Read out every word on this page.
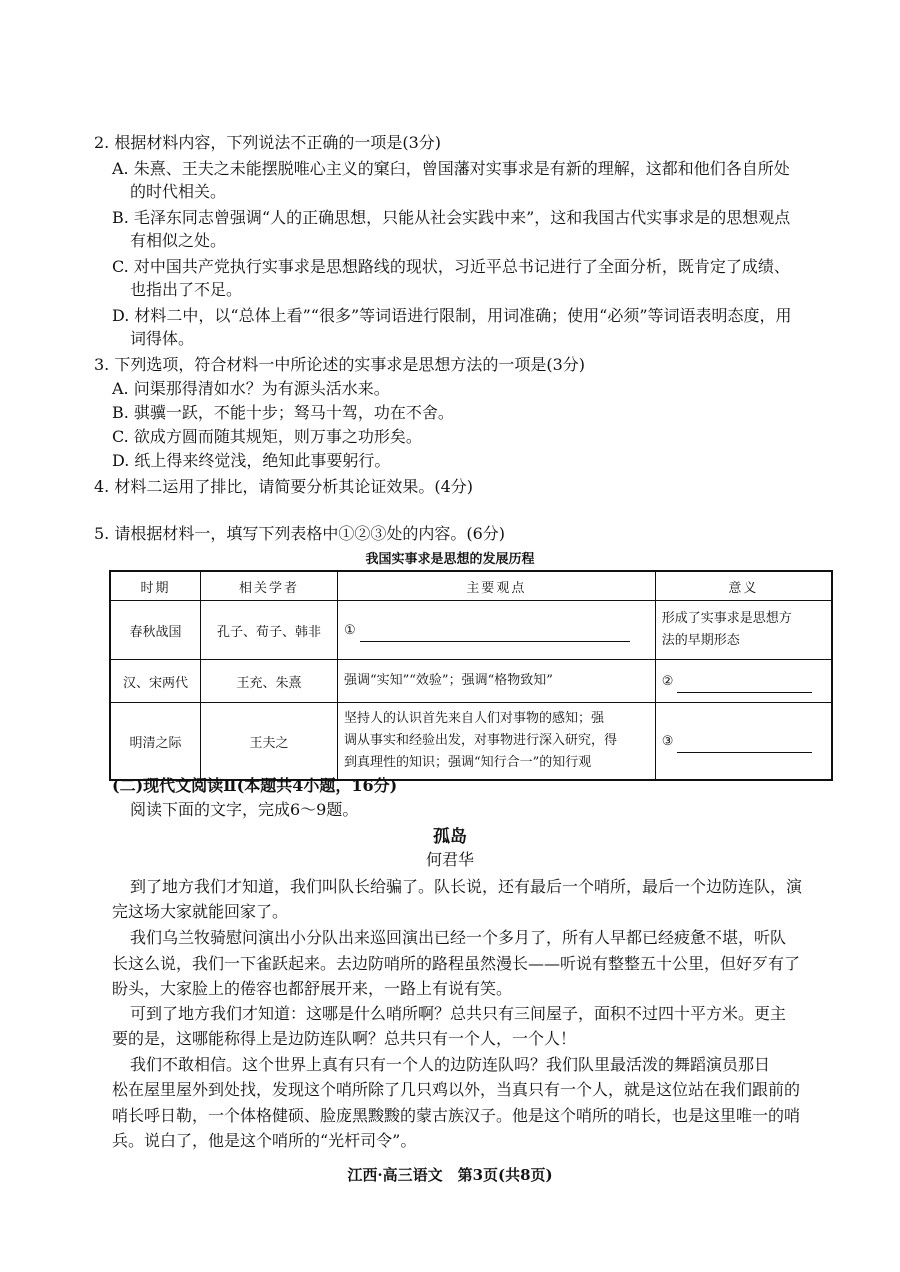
2. 根据材料内容，下列说法不正确的一项是(3分)
A. 朱熹、王夫之未能摆脱唯心主义的窠臼，曾国藩对实事求是有新的理解，这都和他们各自所处
的时代相关。
B. 毛泽东同志曾强调“人的正确思想，只能从社会实践中来”，这和我国古代实事求是的思想观点
有相似之处。
C. 对中国共产党执行实事求是思想路线的现状，习近平总书记进行了全面分析，既肯定了成绩、
也指出了不足。
D. 材料二中，以“总体上看”“很多”等词语进行限制，用词准确；使用“必须”等词语表明态度，用
词得体。
3. 下列选项，符合材料一中所论述的实事求是思想方法的一项是(3分)
A. 问渠那得清如水？为有源头活水来。
B. 骐骥一跃，不能十步；驽马十驾，功在不舍。
C. 欲成方圆而随其规矩，则万事之功形矣。
D. 纸上得来终觉浅，绝知此事要躬行。
4. 材料二运用了排比，请简要分析其论证效果。(4分)
5. 请根据材料一，填写下列表格中①②③处的内容。(6分)
我国实事求是思想的发展历程
时期	相关学者	主要观点	意义
春秋战国	孔子、荀子、韩非	①	形成了实事求是思想方
法的早期形态

汉、宋两代	王充、朱熹	强调“实知”“效验”；强调“格物致知”	②
明清之际	王夫之	坚持人的认识首先来自人们对事物的感知；强
调从事实和经验出发，对事物进行深入研究，得
到真理性的知识；强调“知行合一”的知行观	③
(二)现代文阅读Ⅱ(本题共4小题，16分)
阅读下面的文字，完成6～9题。
孤岛
何君华
到了地方我们才知道，我们叫队长给骗了。队长说，还有最后一个哨所，最后一个边防连队，演
完这场大家就能回家了。
我们乌兰牧骑慰问演出小分队出来巡回演出已经一个多月了，所有人早都已经疲惫不堪，听队
长这么说，我们一下雀跃起来。去边防哨所的路程虽然漫长——听说有整整五十公里，但好歹有了
盼头，大家脸上的倦容也都舒展开来，一路上有说有笑。
可到了地方我们才知道：这哪是什么哨所啊？总共只有三间屋子，面积不过四十平方米。更主
要的是，这哪能称得上是边防连队啊？总共只有一个人，一个人！
我们不敢相信。这个世界上真有只有一个人的边防连队吗？我们队里最活泼的舞蹈演员那日
松在屋里屋外到处找，发现这个哨所除了几只鸡以外，当真只有一个人，就是这位站在我们跟前的
哨长呼日勒，一个体格健硕、脸庞黑黢黢的蒙古族汉子。他是这个哨所的哨长，也是这里唯一的哨
兵。说白了，他是这个哨所的“光杆司令”。
江西·高三语文　第3页(共8页)
